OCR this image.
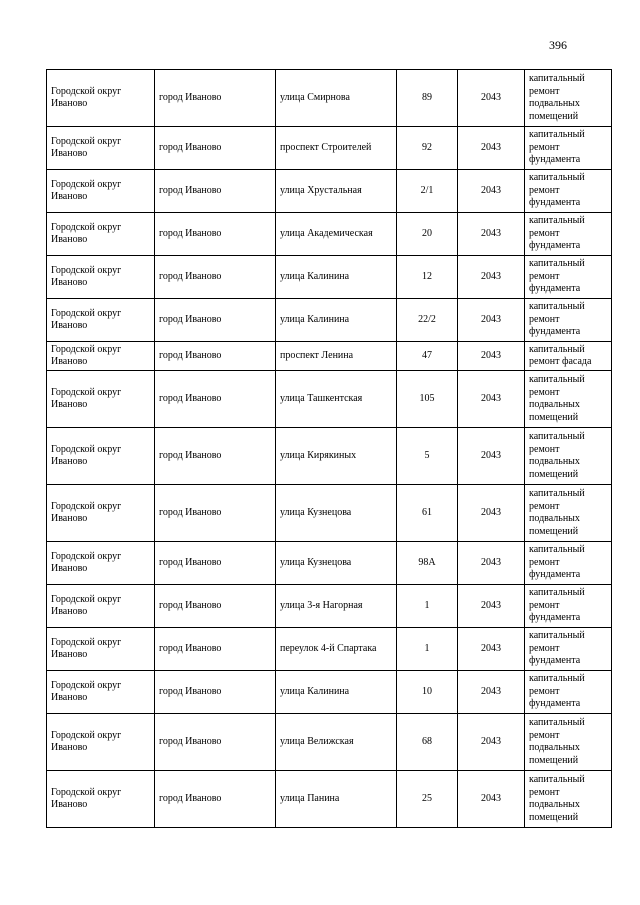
396
Городской округ Иваново	город Иваново	улица Смирнова	89	2043	капитальный ремонт подвальных помещений
Городской округ Иваново	город Иваново	проспект Строителей	92	2043	капитальный ремонт фундамента
Городской округ Иваново	город Иваново	улица Хрустальная	2/1	2043	капитальный ремонт фундамента
Городской округ Иваново	город Иваново	улица Академическая	20	2043	капитальный ремонт фундамента
Городской округ Иваново	город Иваново	улица Калинина	12	2043	капитальный ремонт фундамента
Городской округ Иваново	город Иваново	улица Калинина	22/2	2043	капитальный ремонт фундамента
Городской округ Иваново	город Иваново	проспект Ленина	47	2043	капитальный ремонт фасада
Городской округ Иваново	город Иваново	улица Ташкентская	105	2043	капитальный ремонт подвальных помещений
Городской округ Иваново	город Иваново	улица Кирякиных	5	2043	капитальный ремонт подвальных помещений
Городской округ Иваново	город Иваново	улица Кузнецова	61	2043	капитальный ремонт подвальных помещений
Городской округ Иваново	город Иваново	улица Кузнецова	98А	2043	капитальный ремонт фундамента
Городской округ Иваново	город Иваново	улица 3-я Нагорная	1	2043	капитальный ремонт фундамента
Городской округ Иваново	город Иваново	переулок 4-й Спартака	1	2043	капитальный ремонт фундамента
Городской округ Иваново	город Иваново	улица Калинина	10	2043	капитальный ремонт фундамента
Городской округ Иваново	город Иваново	улица Велижская	68	2043	капитальный ремонт подвальных помещений
Городской округ Иваново	город Иваново	улица Панина	25	2043	капитальный ремонт подвальных помещений
